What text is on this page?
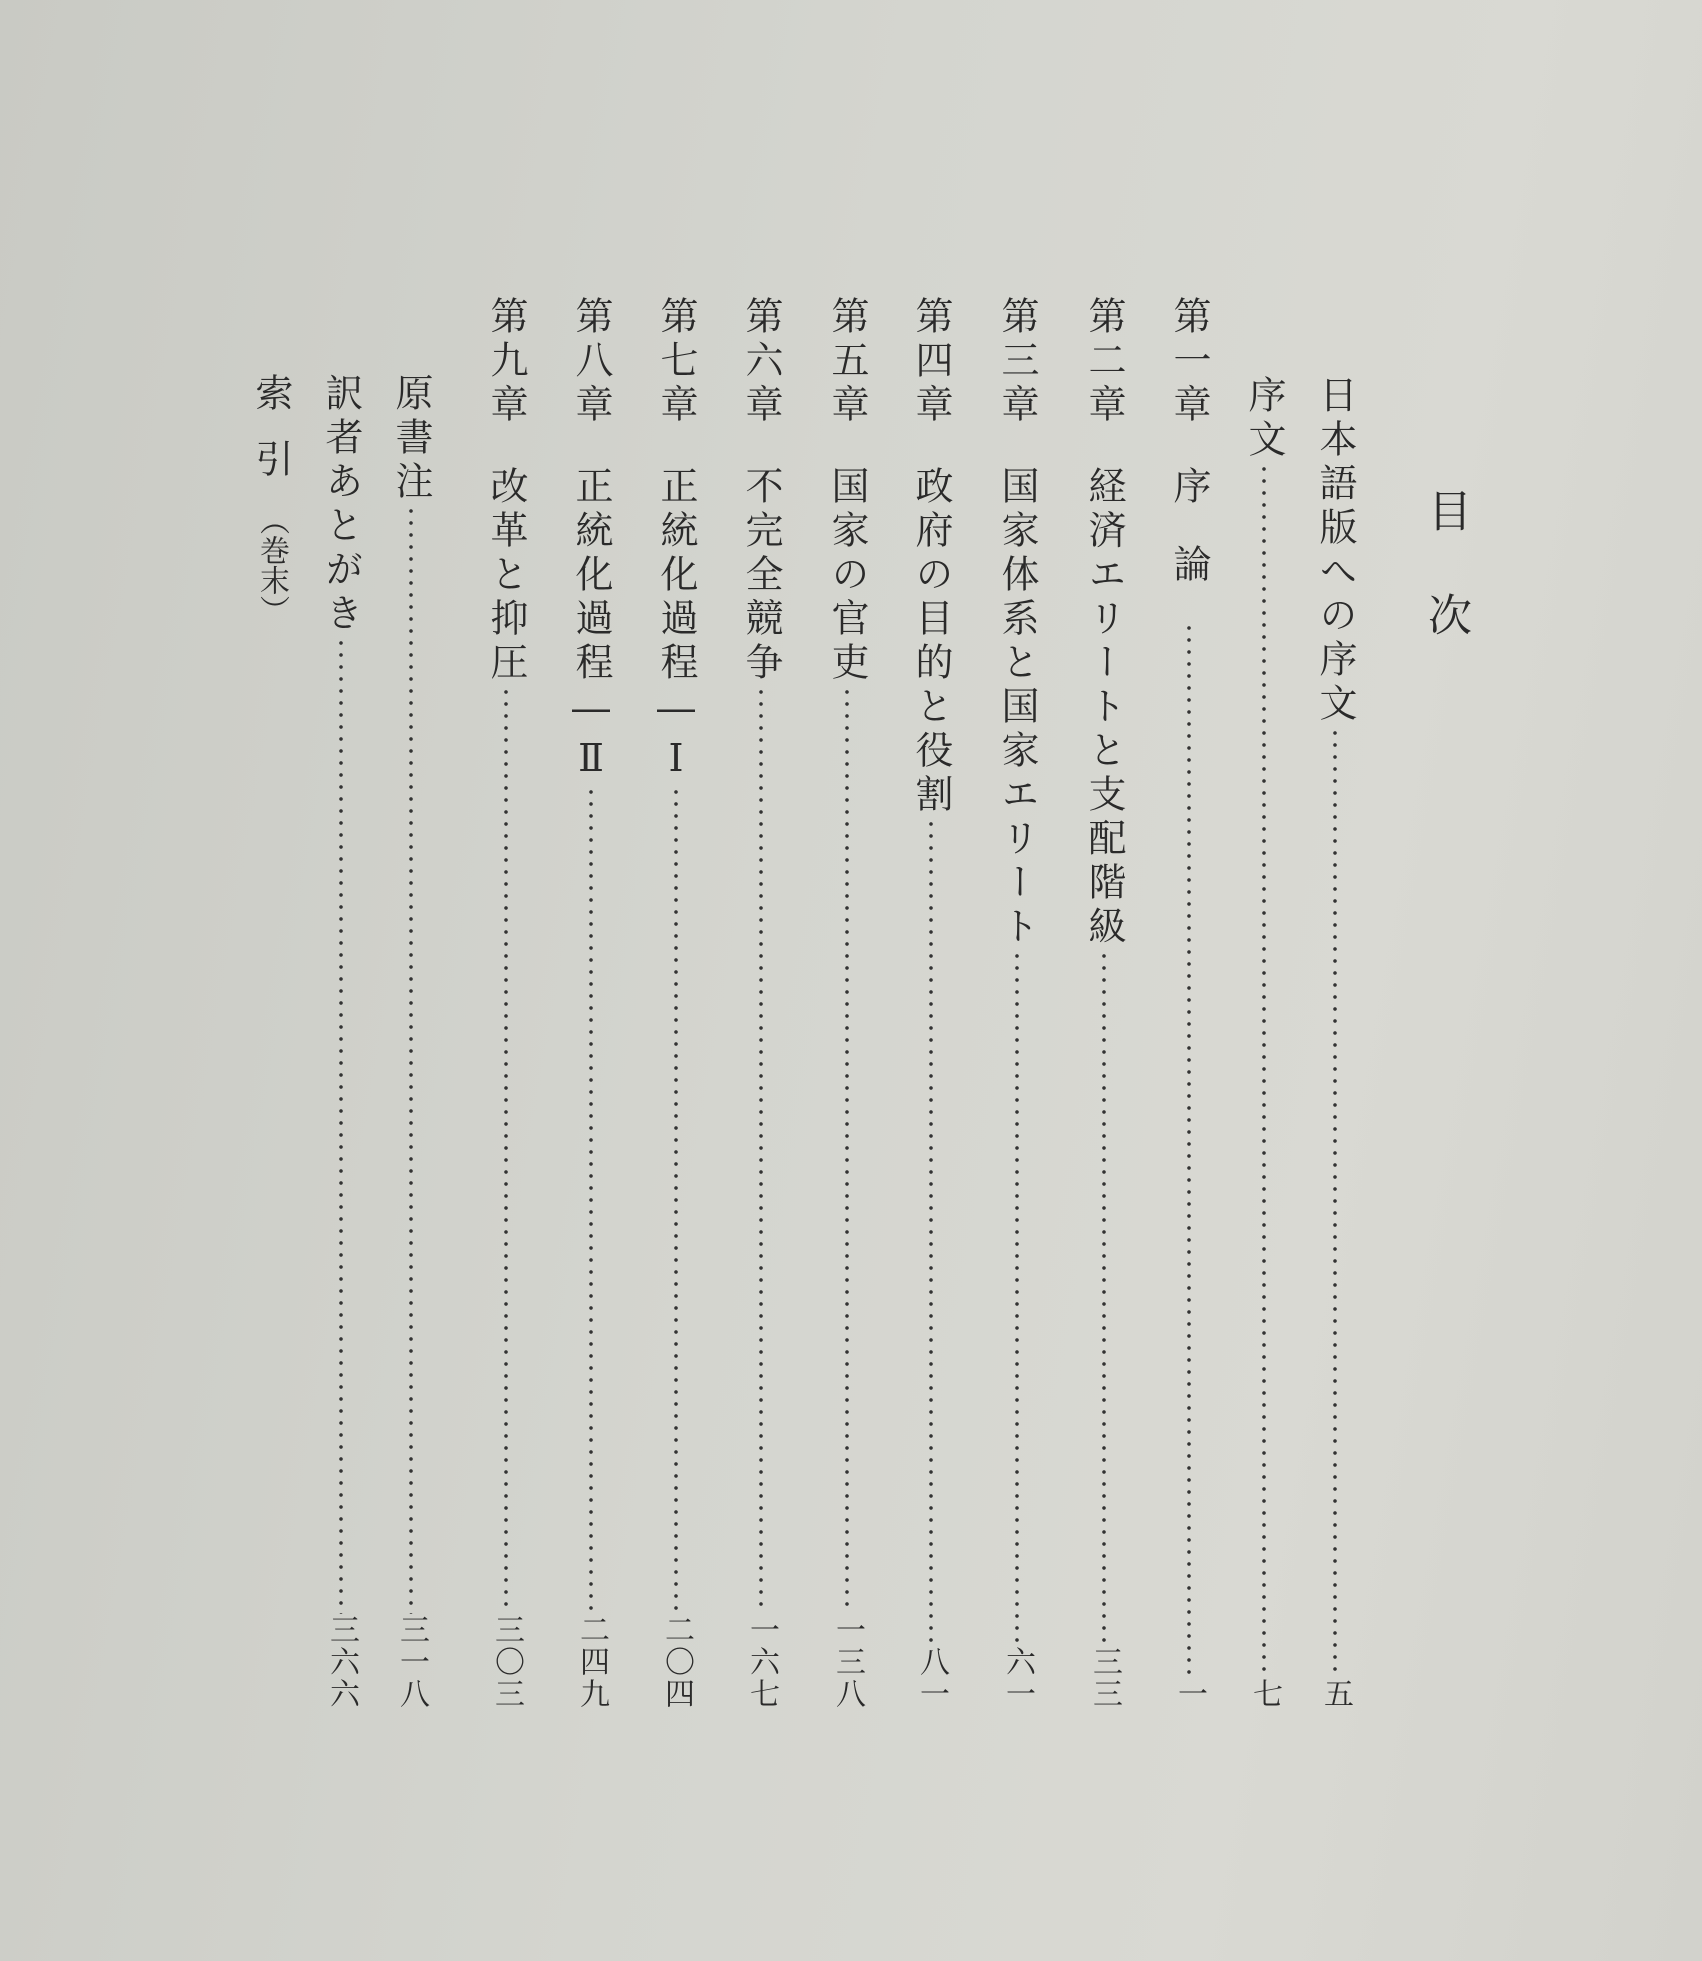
目次
日本語版への序文
五
序文
七
第一章
序論
一
第二章
経済エリートと支配階級
三三
第三章
国家体系と国家エリート
六一
第四章
政府の目的と役割
八一
第五章
国家の官吏
一三八
第六章
不完全競争
一六七
第七章
正統化過程―Ⅰ
二〇四
第八章
正統化過程―Ⅱ
二四九
第九章
改革と抑圧
三〇三
原書注
三一八
訳者あとがき
三六六
索引
（巻末）
